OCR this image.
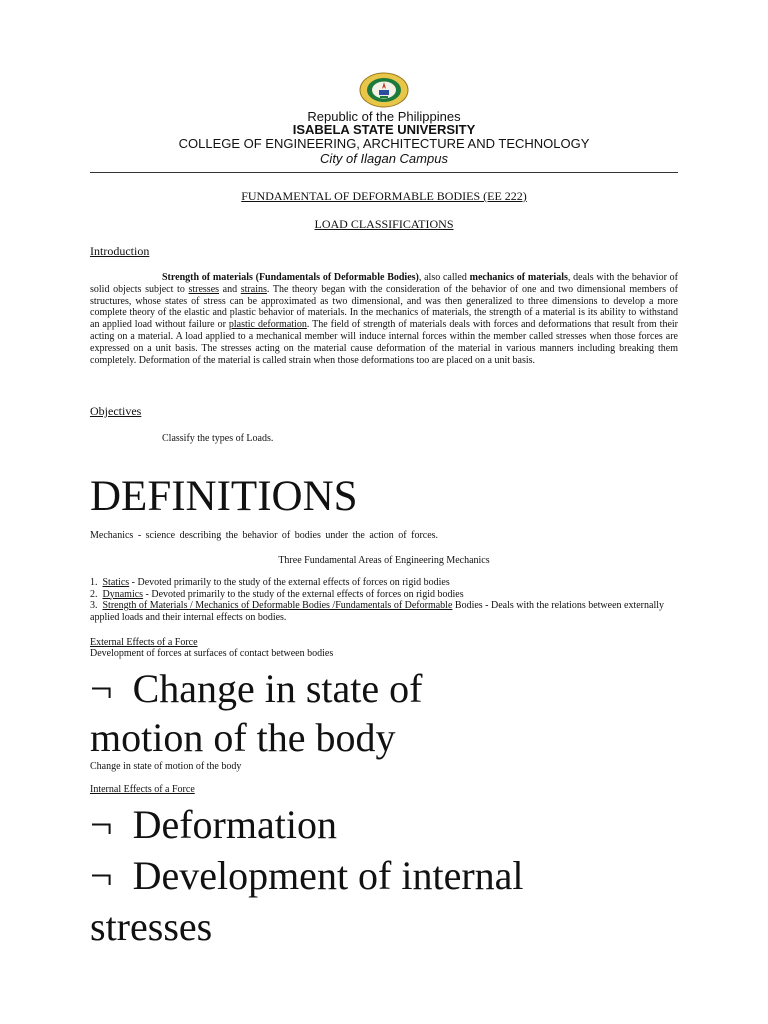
Republic of the Philippines
ISABELA STATE UNIVERSITY
COLLEGE OF ENGINEERING, ARCHITECTURE AND TECHNOLOGY
City of Ilagan Campus
FUNDAMENTAL OF DEFORMABLE BODIES (EE 222)
LOAD CLASSIFICATIONS
Introduction
Strength of materials (Fundamentals of Deformable Bodies), also called mechanics of materials, deals with the behavior of solid objects subject to stresses and strains. The theory began with the consideration of the behavior of one and two dimensional members of structures, whose states of stress can be approximated as two dimensional, and was then generalized to three dimensions to develop a more complete theory of the elastic and plastic behavior of materials. In the mechanics of materials, the strength of a material is its ability to withstand an applied load without failure or plastic deformation. The field of strength of materials deals with forces and deformations that result from their acting on a material. A load applied to a mechanical member will induce internal forces within the member called stresses when those forces are expressed on a unit basis. The stresses acting on the material cause deformation of the material in various manners including breaking them completely. Deformation of the material is called strain when those deformations too are placed on a unit basis.
Objectives
Classify the types of Loads.
DEFINITIONS
Mechanics - science describing the behavior of bodies under the action of forces.
Three Fundamental Areas of Engineering Mechanics
1. Statics - Devoted primarily to the study of the external effects of forces on rigid bodies
2. Dynamics - Devoted primarily to the study of the external effects of forces on rigid bodies
3. Strength of Materials / Mechanics of Deformable Bodies /Fundamentals of Deformable Bodies - Deals with the relations between externally applied loads and their internal effects on bodies.
External Effects of a Force
Development of forces at surfaces of contact between bodies
¬ Change in state of
motion of the body
Change in state of motion of the body
Internal Effects of a Force
¬ Deformation
¬ Development of internal
stresses
